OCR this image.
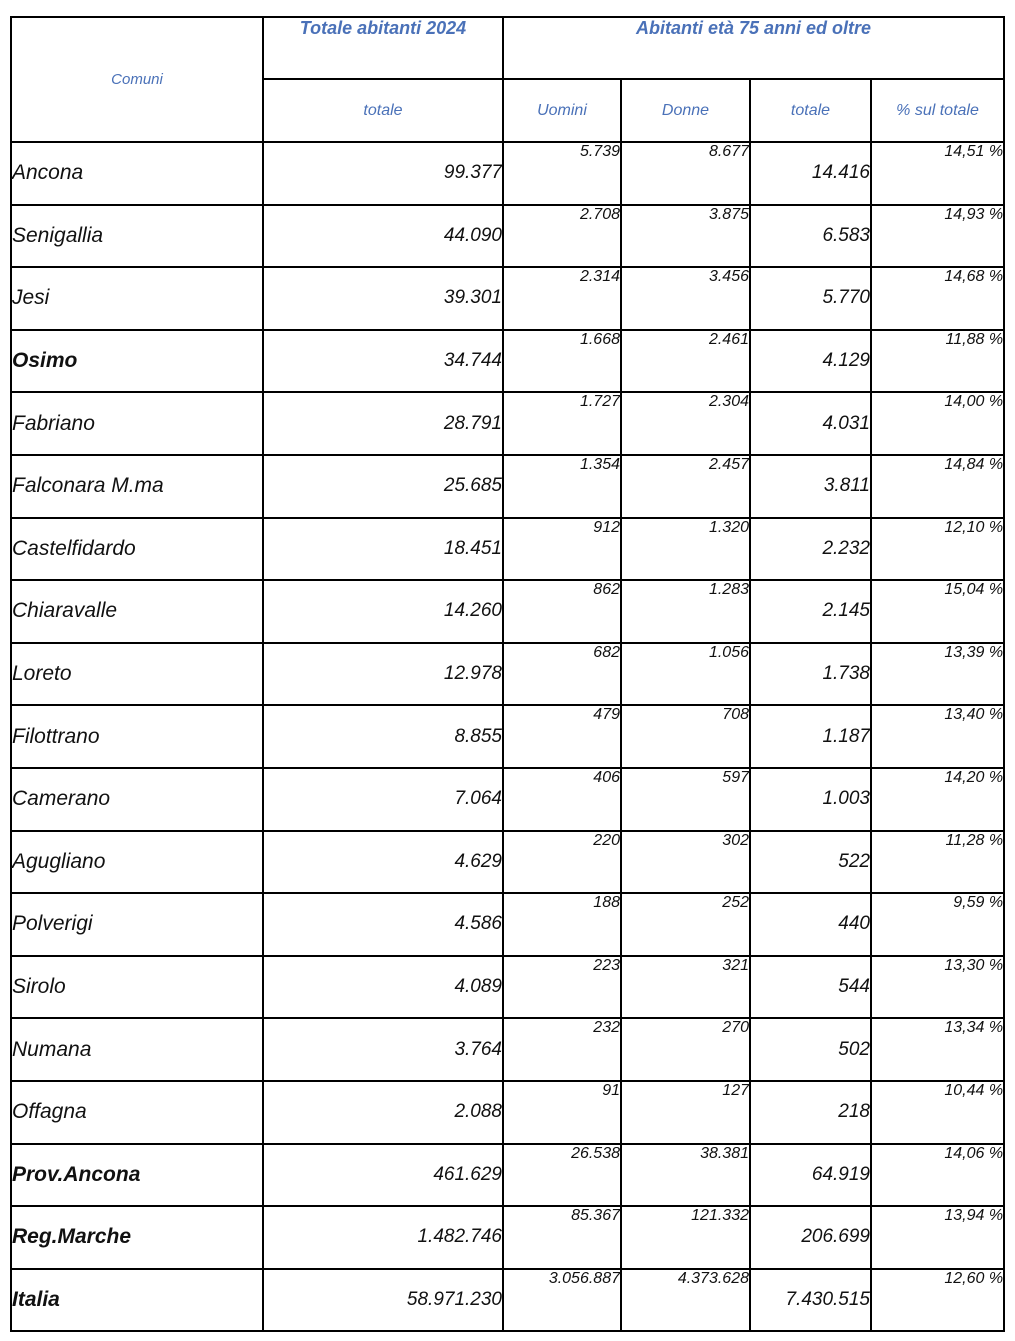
Comuni	Totale abitanti 2024	Abitanti età 75 anni ed oltre			
	totale	Uomini	Donne	totale	% sul totale
Ancona	99.377	5.739	8.677	14.416	14,51 %
Senigallia	44.090	2.708	3.875	6.583	14,93 %
Jesi	39.301	2.314	3.456	5.770	14,68 %
Osimo	34.744	1.668	2.461	4.129	11,88 %
Fabriano	28.791	1.727	2.304	4.031	14,00 %
Falconara M.ma	25.685	1.354	2.457	3.811	14,84 %
Castelfidardo	18.451	912	1.320	2.232	12,10 %
Chiaravalle	14.260	862	1.283	2.145	15,04 %
Loreto	12.978	682	1.056	1.738	13,39 %
Filottrano	8.855	479	708	1.187	13,40 %
Camerano	7.064	406	597	1.003	14,20 %
Agugliano	4.629	220	302	522	11,28 %
Polverigi	4.586	188	252	440	9,59 %
Sirolo	4.089	223	321	544	13,30 %
Numana	3.764	232	270	502	13,34 %
Offagna	2.088	91	127	218	10,44 %
Prov.Ancona	461.629	26.538	38.381	64.919	14,06 %
Reg.Marche	1.482.746	85.367	121.332	206.699	13,94 %
Italia	58.971.230	3.056.887	4.373.628	7.430.515	12,60 %
